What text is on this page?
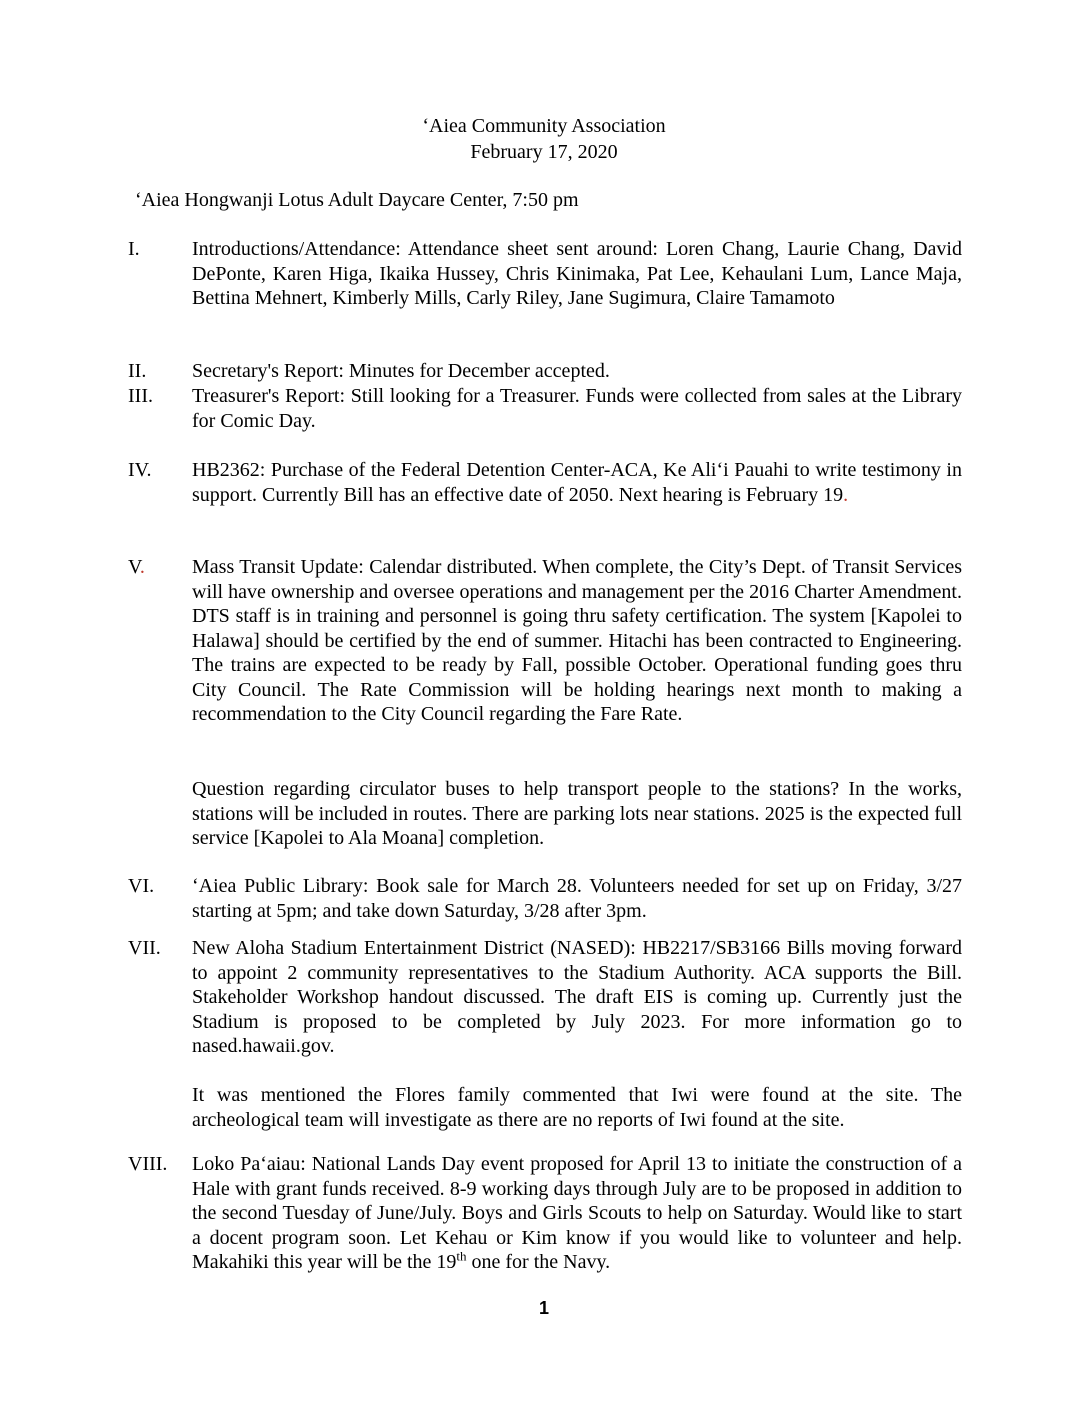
‘Aiea Community Association
February 17, 2020
‘Aiea Hongwanji Lotus Adult Daycare Center, 7:50 pm
I.	Introductions/Attendance: Attendance sheet sent around: Loren Chang, Laurie Chang, David DePonte, Karen Higa, Ikaika Hussey, Chris Kinimaka, Pat Lee, Kehaulani Lum, Lance Maja, Bettina Mehnert, Kimberly Mills, Carly Riley, Jane Sugimura, Claire Tamamoto
II.	Secretary's Report: Minutes for December accepted.
III.	Treasurer's Report: Still looking for a Treasurer. Funds were collected from sales at the Library for Comic Day.
IV.	HB2362: Purchase of the Federal Detention Center-ACA, Ke Ali‘i Pauahi to write testimony in support. Currently Bill has an effective date of 2050. Next hearing is February 19.
V.	Mass Transit Update: Calendar distributed. When complete, the City’s Dept. of Transit Services will have ownership and oversee operations and management per the 2016 Charter Amendment. DTS staff is in training and personnel is going thru safety certification. The system [Kapolei to Halawa] should be certified by the end of summer. Hitachi has been contracted to Engineering. The trains are expected to be ready by Fall, possible October. Operational funding goes thru City Council. The Rate Commission will be holding hearings next month to making a recommendation to the City Council regarding the Fare Rate.
Question regarding circulator buses to help transport people to the stations? In the works, stations will be included in routes. There are parking lots near stations. 2025 is the expected full service [Kapolei to Ala Moana] completion.
VI.	‘Aiea Public Library: Book sale for March 28. Volunteers needed for set up on Friday, 3/27 starting at 5pm; and take down Saturday, 3/28 after 3pm.
VII.	New Aloha Stadium Entertainment District (NASED): HB2217/SB3166 Bills moving forward to appoint 2 community representatives to the Stadium Authority. ACA supports the Bill. Stakeholder Workshop handout discussed. The draft EIS is coming up. Currently just the Stadium is proposed to be completed by July 2023. For more information go to nased.hawaii.gov.
It was mentioned the Flores family commented that Iwi were found at the site. The archeological team will investigate as there are no reports of Iwi found at the site.
VIII.	Loko Pa‘aiau: National Lands Day event proposed for April 13 to initiate the construction of a Hale with grant funds received. 8-9 working days through July are to be proposed in addition to the second Tuesday of June/July. Boys and Girls Scouts to help on Saturday. Would like to start a docent program soon. Let Kehau or Kim know if you would like to volunteer and help. Makahiki this year will be the 19th one for the Navy.
1
